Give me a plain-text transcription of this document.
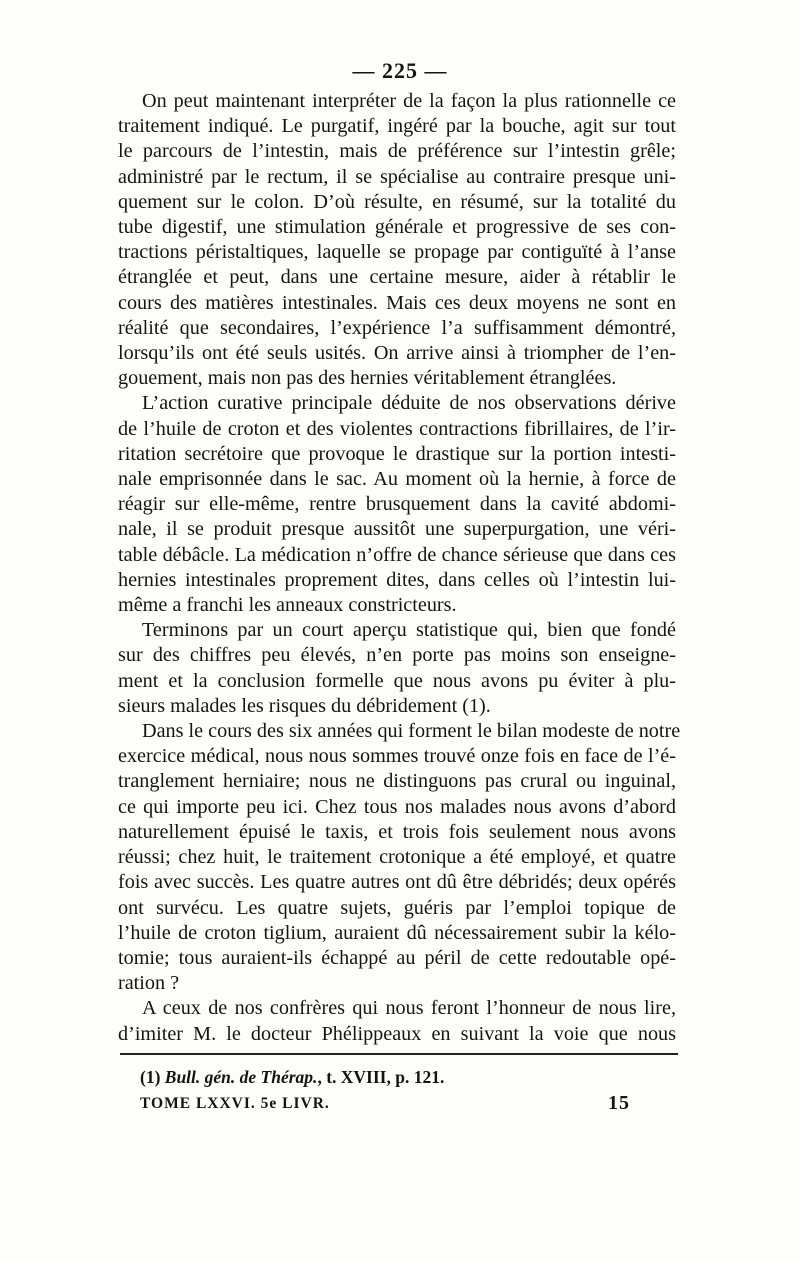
— 225 —

On peut maintenant interpréter de la façon la plus rationnelle ce
traitement indiqué. Le purgatif, ingéré par la bouche, agit sur tout
le parcours de l’intestin, mais de préférence sur l’intestin grêle;
administré par le rectum, il se spécialise au contraire presque uni-
quement sur le colon. D’où résulte, en résumé, sur la totalité du
tube digestif, une stimulation générale et progressive de ses con-
tractions péristaltiques, laquelle se propage par contiguïté à l’anse
étranglée et peut, dans une certaine mesure, aider à rétablir le
cours des matières intestinales. Mais ces deux moyens ne sont en
réalité que secondaires, l’expérience l’a suffisamment démontré,
lorsqu’ils ont été seuls usités. On arrive ainsi à triompher de l’en-
gouement, mais non pas des hernies véritablement étranglées.

L’action curative principale déduite de nos observations dérive
de l’huile de croton et des violentes contractions fibrillaires, de l’ir-
ritation secrétoire que provoque le drastique sur la portion intesti-
nale emprisonnée dans le sac. Au moment où la hernie, à force de
réagir sur elle-même, rentre brusquement dans la cavité abdomi-
nale, il se produit presque aussitôt une superpurgation, une véri-
table débâcle. La médication n’offre de chance sérieuse que dans ces
hernies intestinales proprement dites, dans celles où l’intestin lui-
même a franchi les anneaux constricteurs.

Terminons par un court aperçu statistique qui, bien que fondé
sur des chiffres peu élevés, n’en porte pas moins son enseigne-
ment et la conclusion formelle que nous avons pu éviter à plu-
sieurs malades les risques du débridement (1).

Dans le cours des six années qui forment le bilan modeste de notre
exercice médical, nous nous sommes trouvé onze fois en face de l’é-
tranglement herniaire; nous ne distinguons pas crural ou inguinal,
ce qui importe peu ici. Chez tous nos malades nous avons d’abord
naturellement épuisé le taxis, et trois fois seulement nous avons
réussi; chez huit, le traitement crotonique a été employé, et quatre
fois avec succès. Les quatre autres ont dû être débridés; deux opérés
ont survécu. Les quatre sujets, guéris par l’emploi topique de
l’huile de croton tiglium, auraient dû nécessairement subir la kélo-
tomie; tous auraient-ils échappé au péril de cette redoutable opé-
ration ?

A ceux de nos confrères qui nous feront l’honneur de nous lire,
d’imiter M. le docteur Phélippeaux en suivant la voie que nous

(1) Bull. gén. de Thérap., t. XVIII, p. 121.
TOME LXXVI. 5e LIVR.	15
